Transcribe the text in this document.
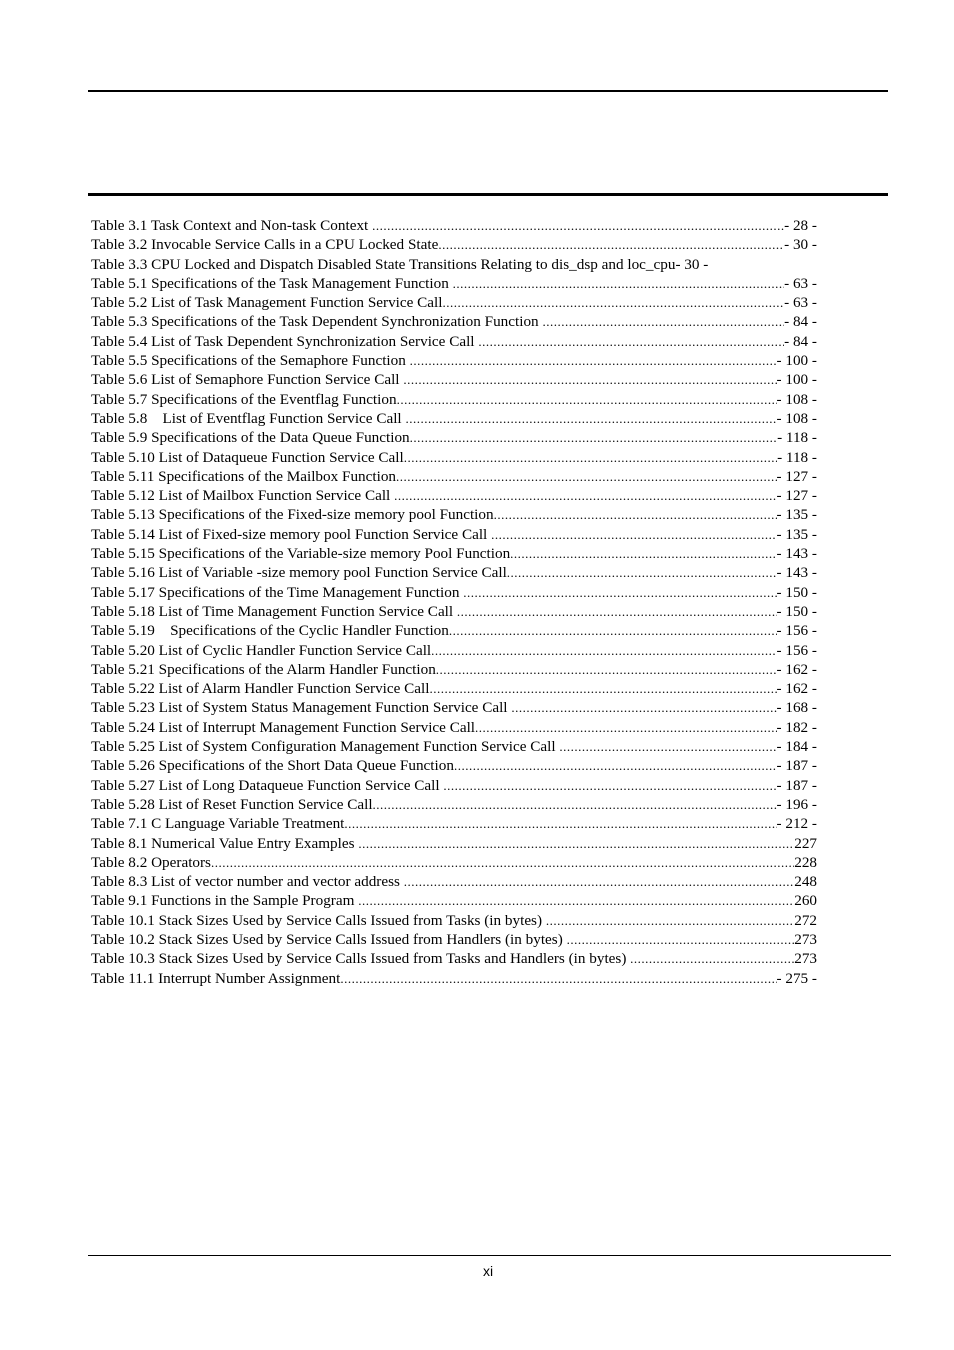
Table 3.1 Task Context and Non-task Context .....	- 28 -
Table 3.2 Invocable Service Calls in a CPU Locked State .....	- 30 -
Table 3.3 CPU Locked and Dispatch Disabled State Transitions Relating to dis_dsp and loc_cpu - 30 -
Table 5.1 Specifications of the Task Management Function .....	- 63 -
Table 5.2 List of Task Management Function Service Call .....	- 63 -
Table 5.3 Specifications of the Task Dependent Synchronization Function .....	- 84 -
Table 5.4 List of Task Dependent Synchronization Service Call .....	- 84 -
Table 5.5 Specifications of the Semaphore Function .....	- 100 -
Table 5.6 List of Semaphore Function Service Call .....	- 100 -
Table 5.7 Specifications of the Eventflag Function .....	- 108 -
Table 5.8    List of Eventflag Function Service Call .....	- 108 -
Table 5.9 Specifications of the Data Queue Function .....	- 118 -
Table 5.10 List of Dataqueue Function Service Call .....	- 118 -
Table 5.11 Specifications of the Mailbox Function .....	- 127 -
Table 5.12 List of Mailbox Function Service Call .....	- 127 -
Table 5.13 Specifications of the Fixed-size memory pool Function .....	- 135 -
Table 5.14 List of Fixed-size memory pool Function Service Call .....	- 135 -
Table 5.15 Specifications of the Variable-size memory Pool Function .....	- 143 -
Table 5.16 List of Variable -size memory pool Function Service Call .....	- 143 -
Table 5.17 Specifications of the Time Management Function .....	- 150 -
Table 5.18 List of Time Management Function Service Call .....	- 150 -
Table 5.19    Specifications of the Cyclic Handler Function .....	- 156 -
Table 5.20 List of Cyclic Handler Function Service Call .....	- 156 -
Table 5.21 Specifications of the Alarm Handler Function .....	- 162 -
Table 5.22 List of Alarm Handler Function Service Call .....	- 162 -
Table 5.23 List of System Status Management Function Service Call .....	- 168 -
Table 5.24 List of Interrupt Management Function Service Call .....	- 182 -
Table 5.25 List of System Configuration Management Function Service Call .....	- 184 -
Table 5.26 Specifications of the Short Data Queue Function .....	- 187 -
Table 5.27 List of Long Dataqueue Function Service Call .....	- 187 -
Table 5.28 List of Reset Function Service Call .....	- 196 -
Table 7.1 C Language Variable Treatment .....	- 212 -
Table 8.1 Numerical Value Entry Examples .....	227
Table 8.2 Operators .....	228
Table 8.3 List of vector number and vector address .....	248
Table 9.1 Functions in the Sample Program .....	260
Table 10.1 Stack Sizes Used by Service Calls Issued from Tasks (in bytes) .....	272
Table 10.2 Stack Sizes Used by Service Calls Issued from Handlers (in bytes) .....	273
Table 10.3 Stack Sizes Used by Service Calls Issued from Tasks and Handlers (in bytes) .....	273
Table 11.1 Interrupt Number Assignment .....	- 275 -
xi
